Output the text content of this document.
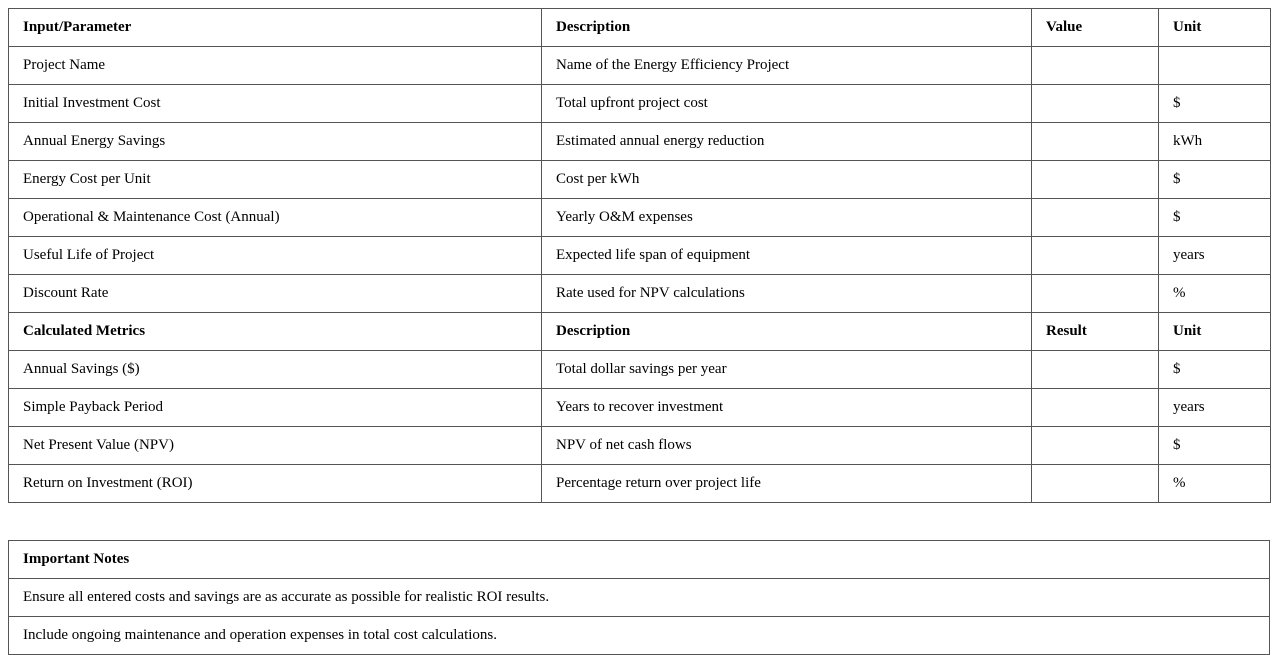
Input/Parameter	Description	Value	Unit
Project Name	Name of the Energy Efficiency Project		
Initial Investment Cost	Total upfront project cost		$
Annual Energy Savings	Estimated annual energy reduction		kWh
Energy Cost per Unit	Cost per kWh		$
Operational & Maintenance Cost (Annual)	Yearly O&M expenses		$
Useful Life of Project	Expected life span of equipment		years
Discount Rate	Rate used for NPV calculations		%
Calculated Metrics	Description	Result	Unit
Annual Savings ($)	Total dollar savings per year		$
Simple Payback Period	Years to recover investment		years
Net Present Value (NPV)	NPV of net cash flows		$
Return on Investment (ROI)	Percentage return over project life		%
Important Notes
Ensure all entered costs and savings are as accurate as possible for realistic ROI results.
Include ongoing maintenance and operation expenses in total cost calculations.
